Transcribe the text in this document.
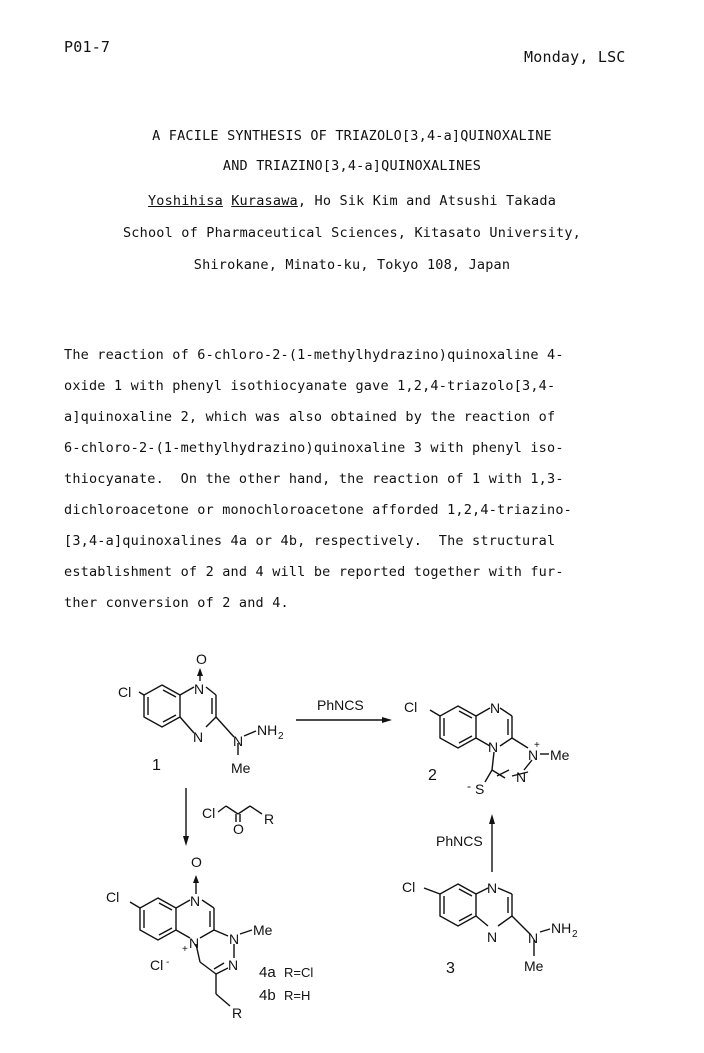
P01-7
Monday, LSC
A FACILE SYNTHESIS OF TRIAZOLO[3,4-a]QUINOXALINE
AND TRIAZINO[3,4-a]QUINOXALINES
Yoshihisa Kurasawa, Ho Sik Kim and Atsushi Takada
School of Pharmaceutical Sciences, Kitasato University,
Shirokane, Minato-ku, Tokyo 108, Japan
The reaction of 6-chloro-2-(1-methylhydrazino)quinoxaline 4-
oxide 1 with phenyl isothiocyanate gave 1,2,4-triazolo[3,4-
a]quinoxaline 2, which was also obtained by the reaction of
6-chloro-2-(1-methylhydrazino)quinoxaline 3 with phenyl iso-
thiocyanate.  On the other hand, the reaction of 1 with 1,3-
dichloroacetone or monochloroacetone afforded 1,2,4-triazino-
[3,4-a]quinoxalines 4a or 4b, respectively.  The structural
establishment of 2 and 4 will be reported together with fur-
ther conversion of 2 and 4.
PhNCS
PhNCS
Cl	N
O
N N
NH 2
Me
1
Cl	N
N N
+
Me
N
S
-
2
Cl
O
R
Cl	N
O
N
+
N
Me
N
Cl -
R
4a R=Cl
4b R=H
Cl	N
N N
NH 2
Me
3
